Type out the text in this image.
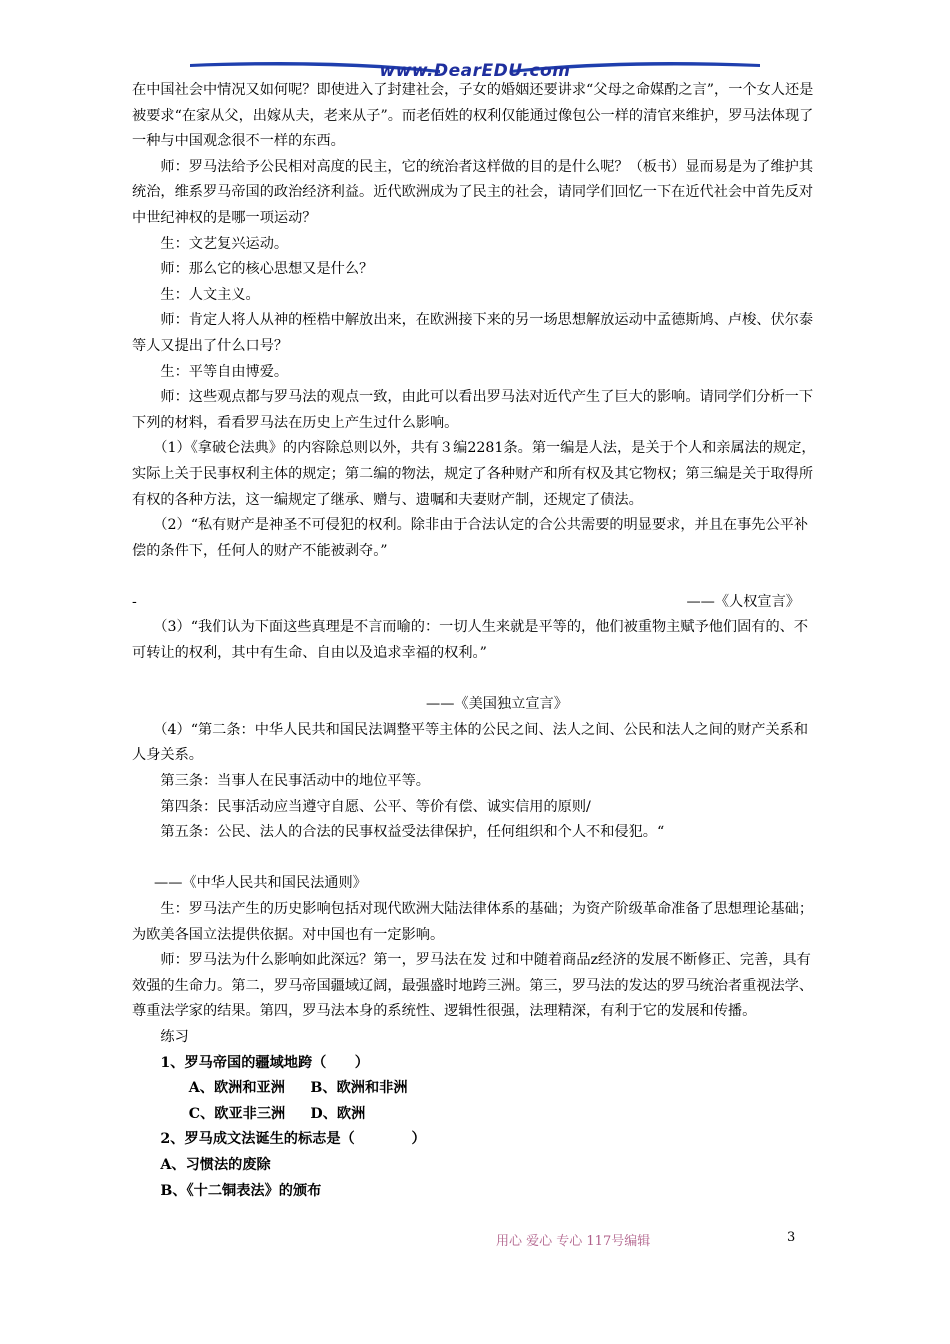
www.DearEDU.com

在中国社会中情况又如何呢？即使进入了封建社会，子女的婚姻还要讲求“父母之命媒酌之言”，一个女人还是被要求“在家从父，出嫁从夫，老来从子”。而老佰姓的权利仅能通过像包公一样的清官来维护，罗马法体现了一种与中国观念很不一样的东西。

师：罗马法给予公民相对高度的民主，它的统治者这样做的目的是什么呢？（板书）显而易是为了维护其统治，维系罗马帝国的政治经济利益。近代欧洲成为了民主的社会，请同学们回忆一下在近代社会中首先反对中世纪神权的是哪一项运动？

生：文艺复兴运动。

师：那么它的核心思想又是什么？

生：人文主义。

师：肯定人将人从神的桎梏中解放出来，在欧洲接下来的另一场思想解放运动中孟德斯鸠、卢梭、伏尔泰等人又提出了什么口号？

生：平等自由博爱。

师：这些观点都与罗马法的观点一致，由此可以看出罗马法对近代产生了巨大的影响。请同学们分析一下下列的材料，看看罗马法在历史上产生过什么影响。

（1）《拿破仑法典》的内容除总则以外，共有３编2281条。第一编是人法，是关于个人和亲属法的规定，实际上关于民事权利主体的规定；第二编的物法，规定了各种财产和所有权及其它物权；第三编是关于取得所有权的各种方法，这一编规定了继承、赠与、遗嘱和夫妻财产制，还规定了债法。

（2）“私有财产是神圣不可侵犯的权利。除非由于合法认定的合公共需要的明显要求，并且在事先公平补偿的条件下，任何人的财产不能被剥夺。”

-	——《人权宣言》

（3）“我们认为下面这些真理是不言而喻的：一切人生来就是平等的，他们被重物主赋予他们固有的、不可转让的权利，其中有生命、自由以及追求幸福的权利。”

——《美国独立宣言》

（4）“第二条：中华人民共和国民法调整平等主体的公民之间、法人之间、公民和法人之间的财产关系和人身关系。

第三条：当事人在民事活动中的地位平等。

第四条：民事活动应当遵守自愿、公平、等价有偿、诚实信用的原则/

第五条：公民、法人的合法的民事权益受法律保护，任何组织和个人不和侵犯。“

——《中华人民共和国民法通则》

生：罗马法产生的历史影响包括对现代欧洲大陆法律体系的基础；为资产阶级革命准备了思想理论基础；为欧美各国立法提供依据。对中国也有一定影响。

师：罗马法为什么影响如此深远？第一，罗马法在发 过和中随着商品z经济的发展不断修正、完善，具有效强的生命力。第二，罗马帝国疆域辽阔，最强盛时地跨三洲。第三，罗马法的发达的罗马统治者重视法学、尊重法学家的结果。第四，罗马法本身的系统性、逻辑性很强，法理精深，有利于它的发展和传播。

练习

1、罗马帝国的疆域地跨（　　）

A、欧洲和亚洲 B、欧洲和非洲

C、欧亚非三洲 D、欧洲

2、罗马成文法诞生的标志是（　　　　）

A、习惯法的废除

B、《十二铜表法》的颁布

用心 爱心 专心 117号编辑	3
